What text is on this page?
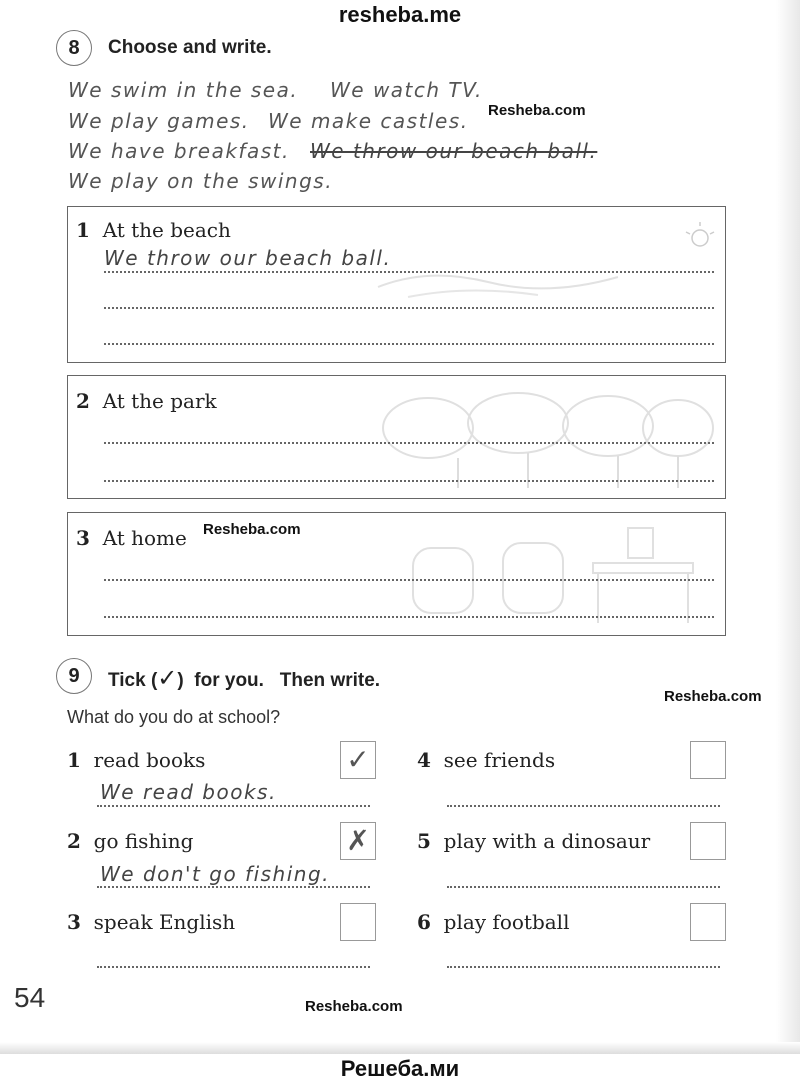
resheba.me
8	Choose and write.
We swim in the sea. We watch TV.
We play games. We make castles. Resheba.com
We have breakfast. We throw our beach ball.
We play on the swings.
1 At the beach
We throw our beach ball.
2 At the park
3 At home Resheba.com
9	Tick (✓)  for you.   Then write.
Resheba.com
What do you do at school?
1 read books	✓
We read books.
2 go fishing	✗
We don't go fishing.
3 speak English
4 see friends
5 play with a dinosaur
6 play football
54	Resheba.com
Решеба.ми
